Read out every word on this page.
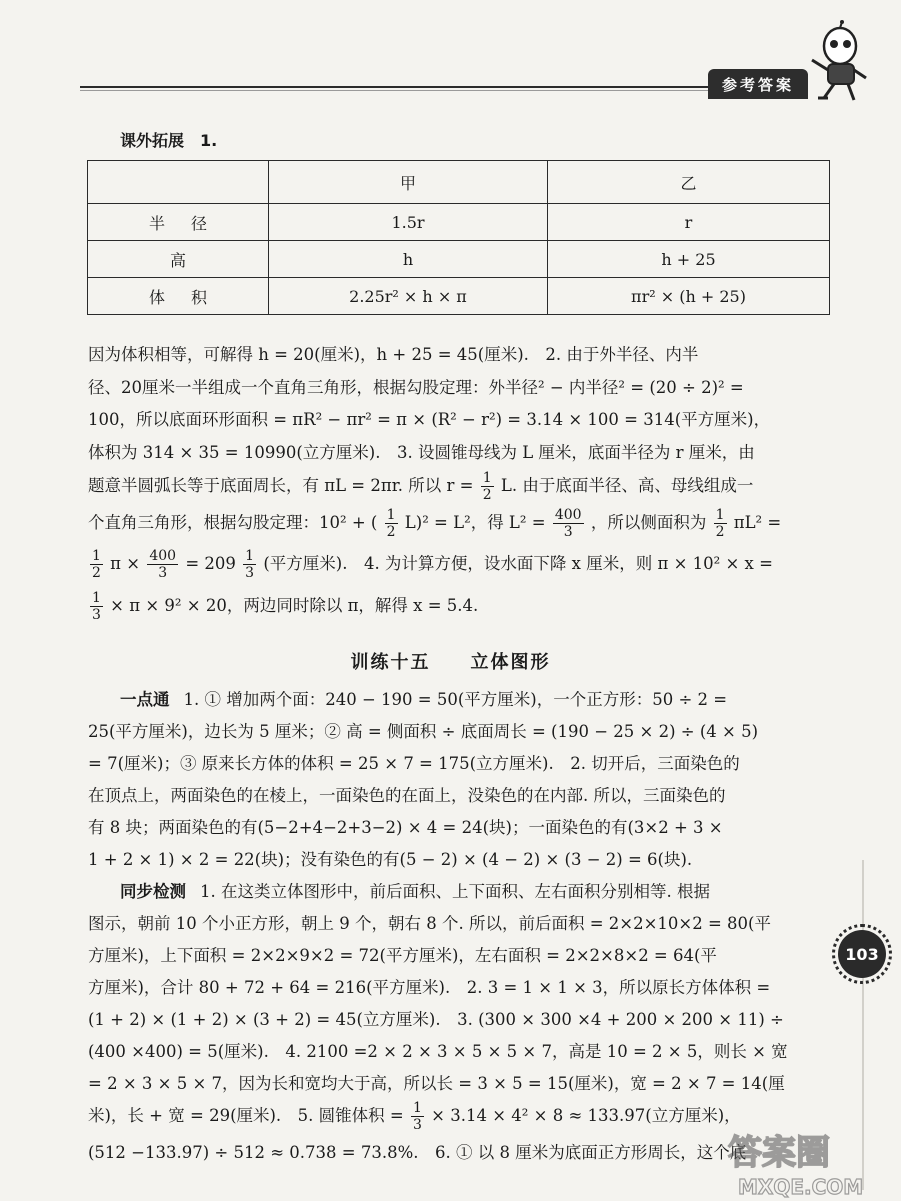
参考答案
课外拓展　1.
	甲	乙
半径	1.5r	r
高	h	h + 25
体积	2.25r² × h × π	πr² × (h + 25)
因为体积相等，可解得 h = 20(厘米)，h + 25 = 45(厘米).　2. 由于外半径、内半
径、20厘米一半组成一个直角三角形，根据勾股定理：外半径² − 内半径² = (20 ÷ 2)² =
100，所以底面环形面积 = πR² − πr² = π × (R² − r²) = 3.14 × 100 = 314(平方厘米)，
体积为 314 × 35 = 10990(立方厘米).　3. 设圆锥母线为 L 厘米，底面半径为 r 厘米，由
题意半圆弧长等于底面周长，有 πL = 2πr. 所以 $r = \frac{1}{2} L$. 由于底面半径、高、母线组成一
个直角三角形，根据勾股定理：10² + ( $\frac{1}{2} L)^2 = L^2$，得 $L^2 = \frac{400}{3}$ ，所以侧面积为 $\frac{1}{2} \pi L^2$ =
$\frac{1}{2}$ $\pi \times \frac{400}{3} = 209 \frac{1}{3}$ (平方厘米).　4. 为计算方便，设水面下降 x 厘米，则 π × 10² × x =
$\frac{1}{3} \times \pi \times 9^2 \times 20$，两边同时除以 π，解得 x = 5.4.
训练十五　　立体图形
一点通 1. ① 增加两个面：240 − 190 = 50(平方厘米)，一个正方形：50 ÷ 2 =
25(平方厘米)，边长为 5 厘米；② 高 = 侧面积 ÷ 底面周长 = (190 − 25 × 2) ÷ (4 × 5)
= 7(厘米)；③ 原来长方体的体积 = 25 × 7 = 175(立方厘米).　2. 切开后，三面染色的
在顶点上，两面染色的在棱上，一面染色的在面上，没染色的在内部. 所以，三面染色的
有 8 块；两面染色的有(5−2+4−2+3−2) × 4 = 24(块)；一面染色的有(3×2 + 3 ×
1 + 2 × 1) × 2 = 22(块)；没有染色的有(5 − 2) × (4 − 2) × (3 − 2) = 6(块).
同步检测 1. 在这类立体图形中，前后面积、上下面积、左右面积分别相等. 根据
图示，朝前 10 个小正方形，朝上 9 个，朝右 8 个. 所以，前后面积 = 2×2×10×2 = 80(平
方厘米)，上下面积 = 2×2×9×2 = 72(平方厘米)，左右面积 = 2×2×8×2 = 64(平
方厘米)，合计 80 + 72 + 64 = 216(平方厘米).　2. 3 = 1 × 1 × 3，所以原长方体体积 =
(1 + 2) × (1 + 2) × (3 + 2) = 45(立方厘米).　3. (300 × 300 ×4 + 200 × 200 × 11) ÷
(400 ×400) = 5(厘米).　4. 2100 =2 × 2 × 3 × 5 × 5 × 7，高是 10 = 2 × 5，则长 × 宽
= 2 × 3 × 5 × 7，因为长和宽均大于高，所以长 = 3 × 5 = 15(厘米)，宽 = 2 × 7 = 14(厘
米)，长 + 宽 = 29(厘米).　5. 圆锥体积 = $\frac{1}{3} \times 3.14 \times 4^2 \times 8 \approx 133.97$(立方厘米)，
(512 −133.97) ÷ 512 ≈ 0.738 = 73.8%.　6. ① 以 8 厘米为底面正方形周长，这个底
103
答案圈
MXQE.COM
